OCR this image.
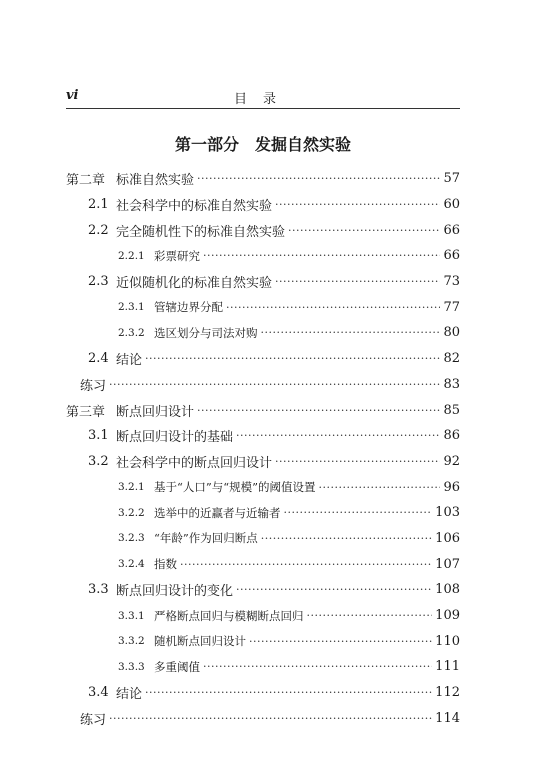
vi	目录
第一部分　发掘自然实验
第二章 标准自然实验 ·····	57
2.1 社会科学中的标准自然实验 ·····	60
2.2 完全随机性下的标准自然实验 ·····	66
2.2.1 彩票研究 ·····	66
2.3 近似随机化的标准自然实验 ·····	73
2.3.1 管辖边界分配 ·····	77
2.3.2 选区划分与司法对购 ·····	80
2.4 结论 ·····	82
练习 ·····	83
第三章 断点回归设计 ·····	85
3.1 断点回归设计的基础 ·····	86
3.2 社会科学中的断点回归设计 ·····	92
3.2.1 基于“人口”与“规模”的阈值设置 ·····	96
3.2.2 选举中的近赢者与近输者 ·····	103
3.2.3 “年龄”作为回归断点 ·····	106
3.2.4 指数 ·····	107
3.3 断点回归设计的变化 ·····	108
3.3.1 严格断点回归与模糊断点回归 ·····	109
3.3.2 随机断点回归设计 ·····	110
3.3.3 多重阈值 ·····	111
3.4 结论 ·····	112
练习 ·····	114
